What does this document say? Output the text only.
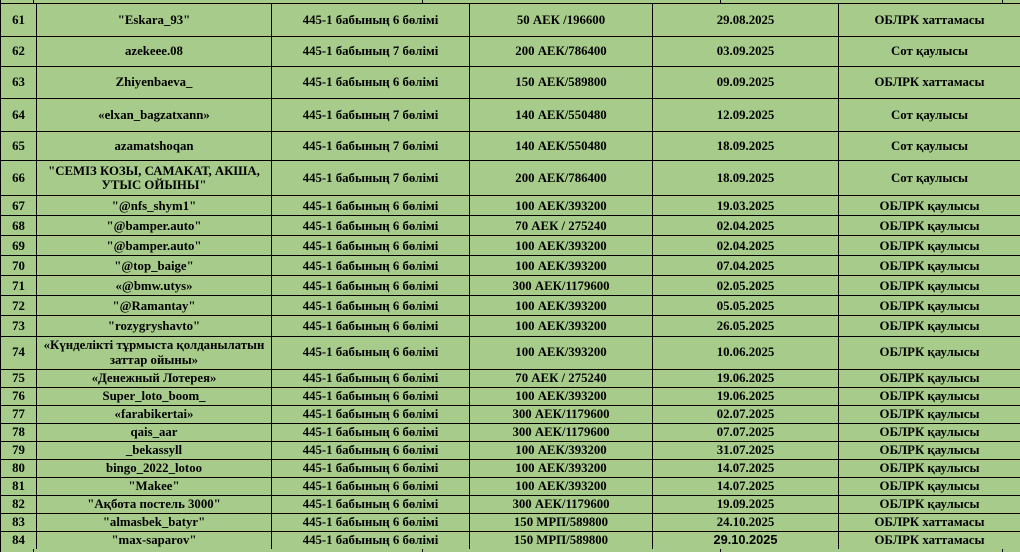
61	"Eskara_93"	445-1 бабының 6 бөлімі	50 АЕК /196600	29.08.2025	ОБЛРК хаттамасы
62	azekeee.08	445-1 бабының 7 бөлімі	200 АЕК/786400	03.09.2025	Сот қаулысы
63	Zhiyenbaeva_	445-1 бабының 6 бөлімі	150 АЕК/589800	09.09.2025	ОБЛРК хаттамасы
64	«elxan_bagzatxann»	445-1 бабының 7 бөлімі	140 АЕК/550480	12.09.2025	Сот қаулысы
65	azamatshoqan	445-1 бабының 7 бөлімі	140 АЕК/550480	18.09.2025	Сот қаулысы
66	"СЕМІЗ КОЗЫ, САМАКАТ, АКША, УТЫС ОЙЫНЫ"	445-1 бабының 7 бөлімі	200 АЕК/786400	18.09.2025	Сот қаулысы
67	"@nfs_shym1"	445-1 бабының 6 бөлімі	100 АЕК/393200	19.03.2025	ОБЛРК қаулысы
68	"@bamper.auto"	445-1 бабының 6 бөлімі	70 АЕК / 275240	02.04.2025	ОБЛРК қаулысы
69	"@bamper.auto"	445-1 бабының 6 бөлімі	100 АЕК/393200	02.04.2025	ОБЛРК қаулысы
70	"@top_baige"	445-1 бабының 6 бөлімі	100 АЕК/393200	07.04.2025	ОБЛРК қаулысы
71	«@bmw.utys»	445-1 бабының 6 бөлімі	300 АЕК/1179600	02.05.2025	ОБЛРК қаулысы
72	"@Ramantay"	445-1 бабының 6 бөлімі	100 АЕК/393200	05.05.2025	ОБЛРК қаулысы
73	"rozygryshavto"	445-1 бабының 6 бөлімі	100 АЕК/393200	26.05.2025	ОБЛРК қаулысы
74	«Күнделікті тұрмыста қолданылатын заттар ойыны»	445-1 бабының 6 бөлімі	100 АЕК/393200	10.06.2025	ОБЛРК қаулысы
75	«Денежный Лотерея»	445-1 бабының 6 бөлімі	70 АЕК / 275240	19.06.2025	ОБЛРК қаулысы
76	Super_loto_boom_	445-1 бабының 6 бөлімі	100 АЕК/393200	19.06.2025	ОБЛРК қаулысы
77	«farabikertai»	445-1 бабының 6 бөлімі	300 АЕК/1179600	02.07.2025	ОБЛРК қаулысы
78	qais_aar	445-1 бабының 6 бөлімі	300 АЕК/1179600	07.07.2025	ОБЛРК қаулысы
79	_bekassyll	445-1 бабының 6 бөлімі	100 АЕК/393200	31.07.2025	ОБЛРК қаулысы
80	bingo_2022_lotoo	445-1 бабының 6 бөлімі	100 АЕК/393200	14.07.2025	ОБЛРК қаулысы
81	"Makee"	445-1 бабының 6 бөлімі	100 АЕК/393200	14.07.2025	ОБЛРК қаулысы
82	"Ақбота постель 3000"	445-1 бабының 6 бөлімі	300 АЕК/1179600	19.09.2025	ОБЛРК қаулысы
83	"almasbek_batyr"	445-1 бабының 6 бөлімі	150 МРП/589800	24.10.2025	ОБЛРК хаттамасы
84	"max-saparov"	445-1 бабының 6 бөлімі	150 МРП/589800	29.10.2025	ОБЛРК хаттамасы
